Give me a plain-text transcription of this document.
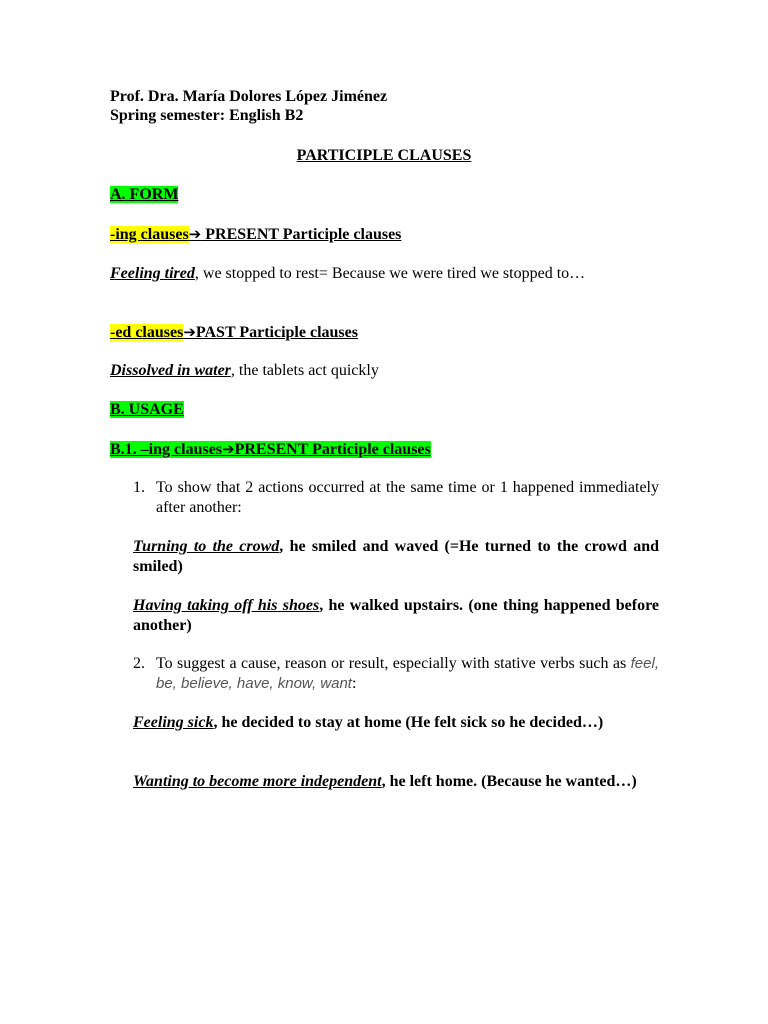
Prof. Dra. María Dolores López Jiménez
Spring semester: English B2
PARTICIPLE CLAUSES
A. FORM
-ing clauses➔ PRESENT Participle clauses
Feeling tired, we stopped to rest= Because we were tired we stopped to…
-ed clauses➔PAST Participle clauses
Dissolved in water, the tablets act quickly
B. USAGE
B.1. –ing clauses➔PRESENT Participle clauses
1. To show that 2 actions occurred at the same time or 1 happened immediately after another:
Turning to the crowd, he smiled and waved (=He turned to the crowd and smiled)
Having taking off his shoes, he walked upstairs. (one thing happened before another)
2. To suggest a cause, reason or result, especially with stative verbs such as feel, be, believe, have, know, want:
Feeling sick, he decided to stay at home (He felt sick so he decided…)
Wanting to become more independent, he left home. (Because he wanted…)
